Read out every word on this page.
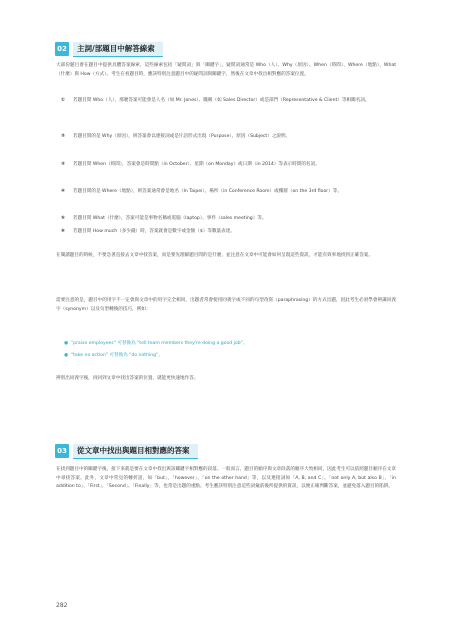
02	主詞/部題目中解答線索
大部份題目會在題目中提供具體答案線索，這些線索包括「疑問詞」與「關鍵字」。疑問詞通常是 Who（人）、Why（原因）、When（時間）、Where（地點）、What（什麼）與 How（方式）。考生在看題目時，應該特別注意題目中的疑問詞與關鍵字，然後在文章中找出相對應的答案位置。
① 若題目問 Who（人），那麼答案可能會是人名（如 Mr. Jones）、職稱（如 Sales Director）或是部門（Representative & Client）等相關名詞。
② 若題目問的是 Why（原因），則答案會以連接詞或是片語形式出現（Purpose）、原因（Subject）之說明。
③ 若題目問 When（時間），答案會是時間點（in October）、星期（on Monday）或日期（in 2014）等表示時間的名詞。
④ 若題目問的是 Where（地點），則答案通常會是地名（In Taipei）、場所（in Conference Room）或樓層（on the 3rd floor）等。
⑤ 若題目問 What（什麼），答案可能是事物名稱或電腦（laptop）、事件（sales meeting）等。
⑥ 若題目問 How much（多少錢）時，答案就會是數字或金額（$）等數量表達。
在閱讀題目的時候，不要急著直接去文章中找答案，而是要先理解題目問的是什麼，並注意在文章中可能會如何呈現這些資訊，才能有效率地找到正確答案。
需要注意的是，題目中的用字不一定會與文章中的用字完全相同，出題者常會使用同義字或不同的句型改寫（paraphrasing）的方式出題，因此考生必須學會辨識同義字（synonym）以及句型轉換的技巧，例如：
● "praise employees" 可替換為 "tell team members they're doing a good job"。
● "take no action" 可替換為 "do nothing"。
辨別出同義字後，再回到文章中找出答案的位置，就能更快速地作答。
03	從文章中找出與題目相對應的答案
在找到題目中的關鍵字後，接下來就是要在文章中找出與該關鍵字相對應的段落。一般而言，題目的順序與文章段落的順序大致相同，因此考生可以依照題目順序在文章中尋找答案。此外，文章中常見的轉折語，如「but」、「however」、「on the other hand」等，以及連接詞如「A, B, and C」、「not only A, but also B」、「in addition to」、「First」、「Second」、「Finally」等，也常是出題的重點。考生應該特別注意這些詞彙前後所提供的資訊，以便正確判斷答案，並避免落入題目的陷阱。
282
